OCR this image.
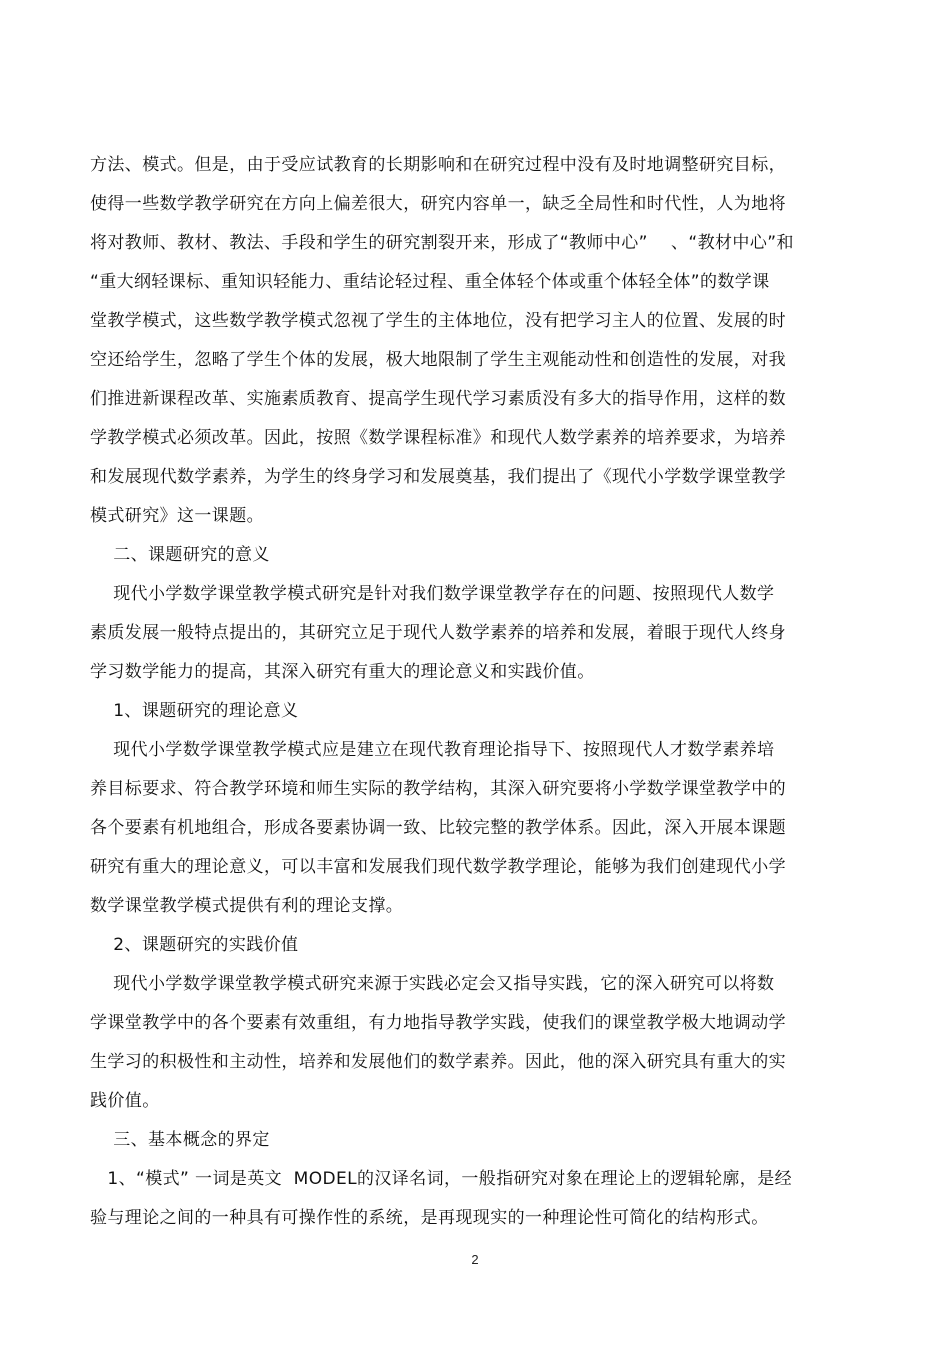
方法、模式。但是，由于受应试教育的长期影响和在研究过程中没有及时地调整研究目标，

使得一些数学教学研究在方向上偏差很大，研究内容单一，缺乏全局性和时代性，人为地将

将对教师、教材、教法、手段和学生的研究割裂开来，形成了“教师中心”    、“教材中心”和

“重大纲轻课标、重知识轻能力、重结论轻过程、重全体轻个体或重个体轻全体”的数学课

堂教学模式，这些数学教学模式忽视了学生的主体地位，没有把学习主人的位置、发展的时

空还给学生，忽略了学生个体的发展，极大地限制了学生主观能动性和创造性的发展，对我

们推进新课程改革、实施素质教育、提高学生现代学习素质没有多大的指导作用，这样的数

学教学模式必须改革。因此，按照《数学课程标准》和现代人数学素养的培养要求，为培养

和发展现代数学素养，为学生的终身学习和发展奠基，我们提出了《现代小学数学课堂教学

模式研究》这一课题。

二、课题研究的意义

现代小学数学课堂教学模式研究是针对我们数学课堂教学存在的问题、按照现代人数学

素质发展一般特点提出的，其研究立足于现代人数学素养的培养和发展，着眼于现代人终身

学习数学能力的提高，其深入研究有重大的理论意义和实践价值。

1、课题研究的理论意义

现代小学数学课堂教学模式应是建立在现代教育理论指导下、按照现代人才数学素养培

养目标要求、符合教学环境和师生实际的教学结构，其深入研究要将小学数学课堂教学中的

各个要素有机地组合，形成各要素协调一致、比较完整的教学体系。因此，深入开展本课题

研究有重大的理论意义，可以丰富和发展我们现代数学教学理论，能够为我们创建现代小学

数学课堂教学模式提供有利的理论支撑。

2、课题研究的实践价值

现代小学数学课堂教学模式研究来源于实践必定会又指导实践，它的深入研究可以将数

学课堂教学中的各个要素有效重组，有力地指导教学实践，使我们的课堂教学极大地调动学

生学习的积极性和主动性，培养和发展他们的数学素养。因此，他的深入研究具有重大的实

践价值。

三、基本概念的界定

1、“模式” 一词是英文  MODEL的汉译名词，一般指研究对象在理论上的逻辑轮廓，是经

验与理论之间的一种具有可操作性的系统，是再现现实的一种理论性可简化的结构形式。

2
